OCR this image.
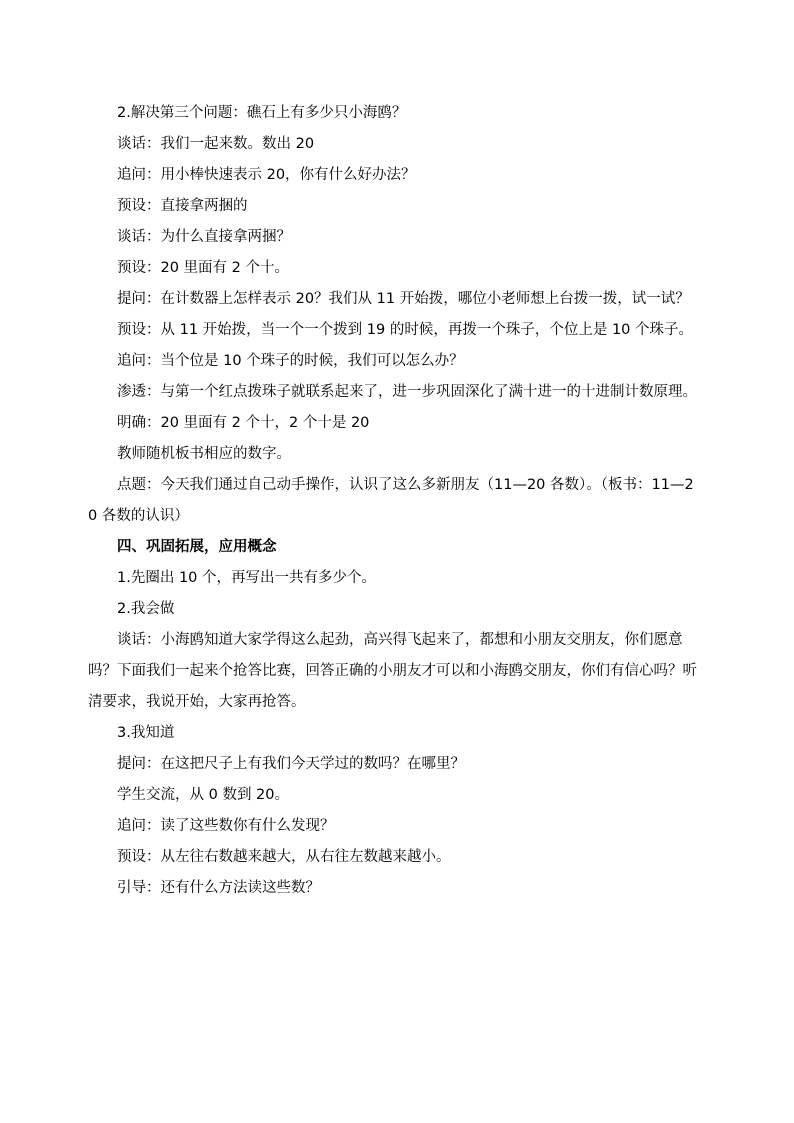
2.解决第三个问题：礁石上有多少只小海鸥？

谈话：我们一起来数。数出 20

追问：用小棒快速表示 20，你有什么好办法？

预设：直接拿两捆的

谈话：为什么直接拿两捆？

预设：20 里面有 2 个十。

提问：在计数器上怎样表示 20？我们从 11 开始拨，哪位小老师想上台拨一拨，试一试？

预设：从 11 开始拨，当一个一个拨到 19 的时候，再拨一个珠子，个位上是 10 个珠子。

追问：当个位是 10 个珠子的时候，我们可以怎么办？

渗透：与第一个红点拨珠子就联系起来了，进一步巩固深化了满十进一的十进制计数原理。

明确：20 里面有 2 个十，2 个十是 20

教师随机板书相应的数字。

点题：今天我们通过自己动手操作，认识了这么多新朋友（11—20 各数）。（板书：11—20 各数的认识）

四、巩固拓展，应用概念

1.先圈出 10 个，再写出一共有多少个。

2.我会做

谈话：小海鸥知道大家学得这么起劲，高兴得飞起来了，都想和小朋友交朋友，你们愿意吗？下面我们一起来个抢答比赛，回答正确的小朋友才可以和小海鸥交朋友，你们有信心吗？听清要求，我说开始，大家再抢答。

3.我知道

提问：在这把尺子上有我们今天学过的数吗？在哪里？

学生交流，从 0 数到 20。

追问：读了这些数你有什么发现？

预设：从左往右数越来越大，从右往左数越来越小。

引导：还有什么方法读这些数？
